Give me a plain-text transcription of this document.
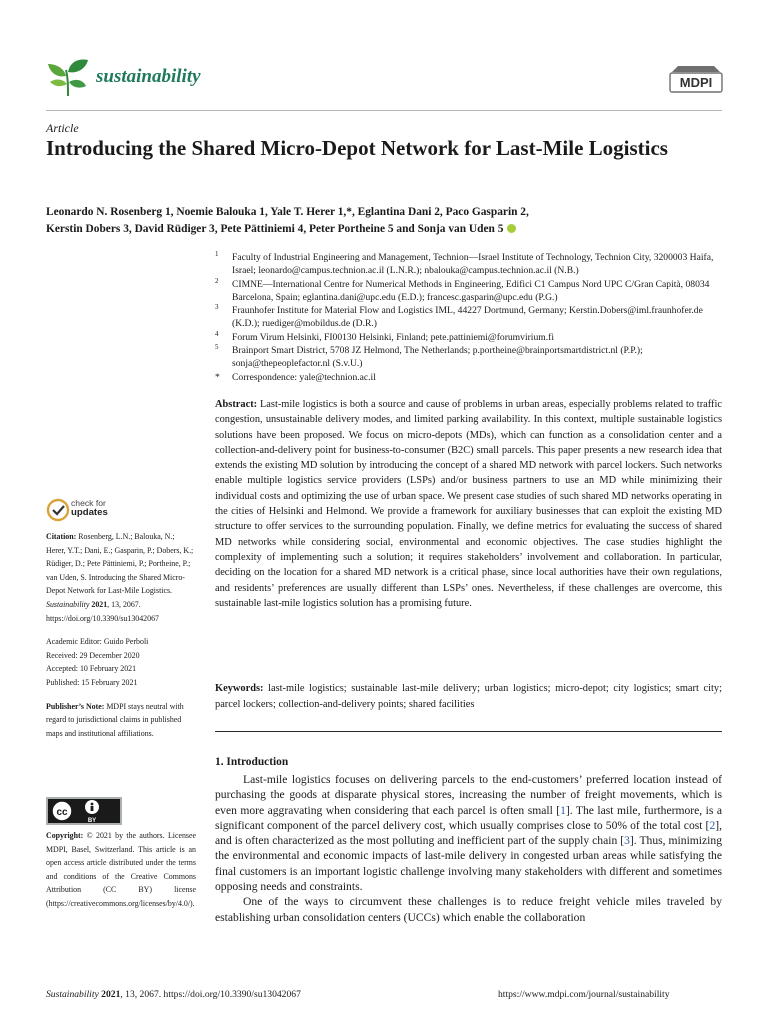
sustainability	MDPI
Article
Introducing the Shared Micro-Depot Network for Last-Mile Logistics
Leonardo N. Rosenberg 1, Noemie Balouka 1, Yale T. Herer 1,*, Eglantina Dani 2, Paco Gasparin 2,
Kerstin Dobers 3, David Rüdiger 3, Pete Pättiniemi 4, Peter Portheine 5 and Sonja van Uden 5
1 Faculty of Industrial Engineering and Management, Technion—Israel Institute of Technology, Technion City, 3200003 Haifa, Israel; leonardo@campus.technion.ac.il (L.N.R.); nbalouka@campus.technion.ac.il (N.B.)
2 CIMNE—International Centre for Numerical Methods in Engineering, Edifici C1 Campus Nord UPC C/Gran Capità, 08034 Barcelona, Spain; eglantina.dani@upc.edu (E.D.); francesc.gasparin@upc.edu (P.G.)
3 Fraunhofer Institute for Material Flow and Logistics IML, 44227 Dortmund, Germany; Kerstin.Dobers@iml.fraunhofer.de (K.D.); ruediger@mobildus.de (D.R.)
4 Forum Virum Helsinki, FI00130 Helsinki, Finland; pete.pattiniemi@forumvirium.fi
5 Brainport Smart District, 5708 JZ Helmond, The Netherlands; p.portheine@brainportsmartdistrict.nl (P.P.); sonja@thepeoplefactor.nl (S.v.U.)
* Correspondence: yale@technion.ac.il
Abstract: Last-mile logistics is both a source and cause of problems in urban areas, especially problems related to traffic congestion, unsustainable delivery modes, and limited parking availability. In this context, multiple sustainable logistics solutions have been proposed. We focus on micro-depots (MDs), which can function as a consolidation center and a collection-and-delivery point for business-to-consumer (B2C) small parcels. This paper presents a new research idea that extends the existing MD solution by introducing the concept of a shared MD network with parcel lockers. Such networks enable multiple logistics service providers (LSPs) and/or business partners to use an MD while minimizing their individual costs and optimizing the use of urban space. We present case studies of such shared MD networks operating in the cities of Helsinki and Helmond. We provide a framework for auxiliary businesses that can exploit the existing MD structure to offer services to the surrounding population. Finally, we define metrics for evaluating the success of shared MD networks while considering social, environmental and economic objectives. The case studies highlight the complexity of implementing such a solution; it requires stakeholders’ involvement and collaboration. In particular, deciding on the location for a shared MD network is a critical phase, since local authorities have their own regulations, and residents’ preferences are usually different than LSPs’ ones. Nevertheless, if these challenges are overcome, this sustainable last-mile logistics solution has a promising future.
Keywords: last-mile logistics; sustainable last-mile delivery; urban logistics; micro-depot; city logistics; smart city; parcel lockers; collection-and-delivery points; shared facilities
1. Introduction

Last-mile logistics focuses on delivering parcels to the end-customers’ preferred location instead of purchasing the goods at disparate physical stores, increasing the number of freight movements, which is even more aggravating when considering that each parcel is often small [1]. The last mile, furthermore, is a significant component of the parcel delivery cost, which usually comprises close to 50% of the total cost [2], and is often characterized as the most polluting and inefficient part of the supply chain [3]. Thus, minimizing the environmental and economic impacts of last-mile delivery in congested urban areas while satisfying the final customers is an important logistic challenge involving many stakeholders with different and sometimes opposing needs and constraints.

One of the ways to circumvent these challenges is to reduce freight vehicle miles traveled by establishing urban consolidation centers (UCCs) which enable the collaboration

check for
updates

Citation: Rosenberg, L.N.; Balouka, N.; Herer, Y.T.; Dani, E.; Gasparin, P.; Dobers, K.; Rüdiger, D.; Pete Pättiniemi, P.; Portheine, P.; van Uden, S. Introducing the Shared Micro-Depot Network for Last-Mile Logistics. Sustainability 2021, 13, 2067. https://doi.org/10.3390/su13042067

Academic Editor: Guido Perboli

Received: 29 December 2020

Accepted: 10 February 2021

Published: 15 February 2021

Publisher’s Note: MDPI stays neutral with regard to jurisdictional claims in published maps and institutional affiliations.

cc
BY
Copyright: © 2021 by the authors. Licensee MDPI, Basel, Switzerland. This article is an open access article distributed under the terms and conditions of the Creative Commons Attribution (CC BY) license (https://creativecommons.org/licenses/by/4.0/).
Sustainability 2021, 13, 2067. https://doi.org/10.3390/su13042067	https://www.mdpi.com/journal/sustainability
